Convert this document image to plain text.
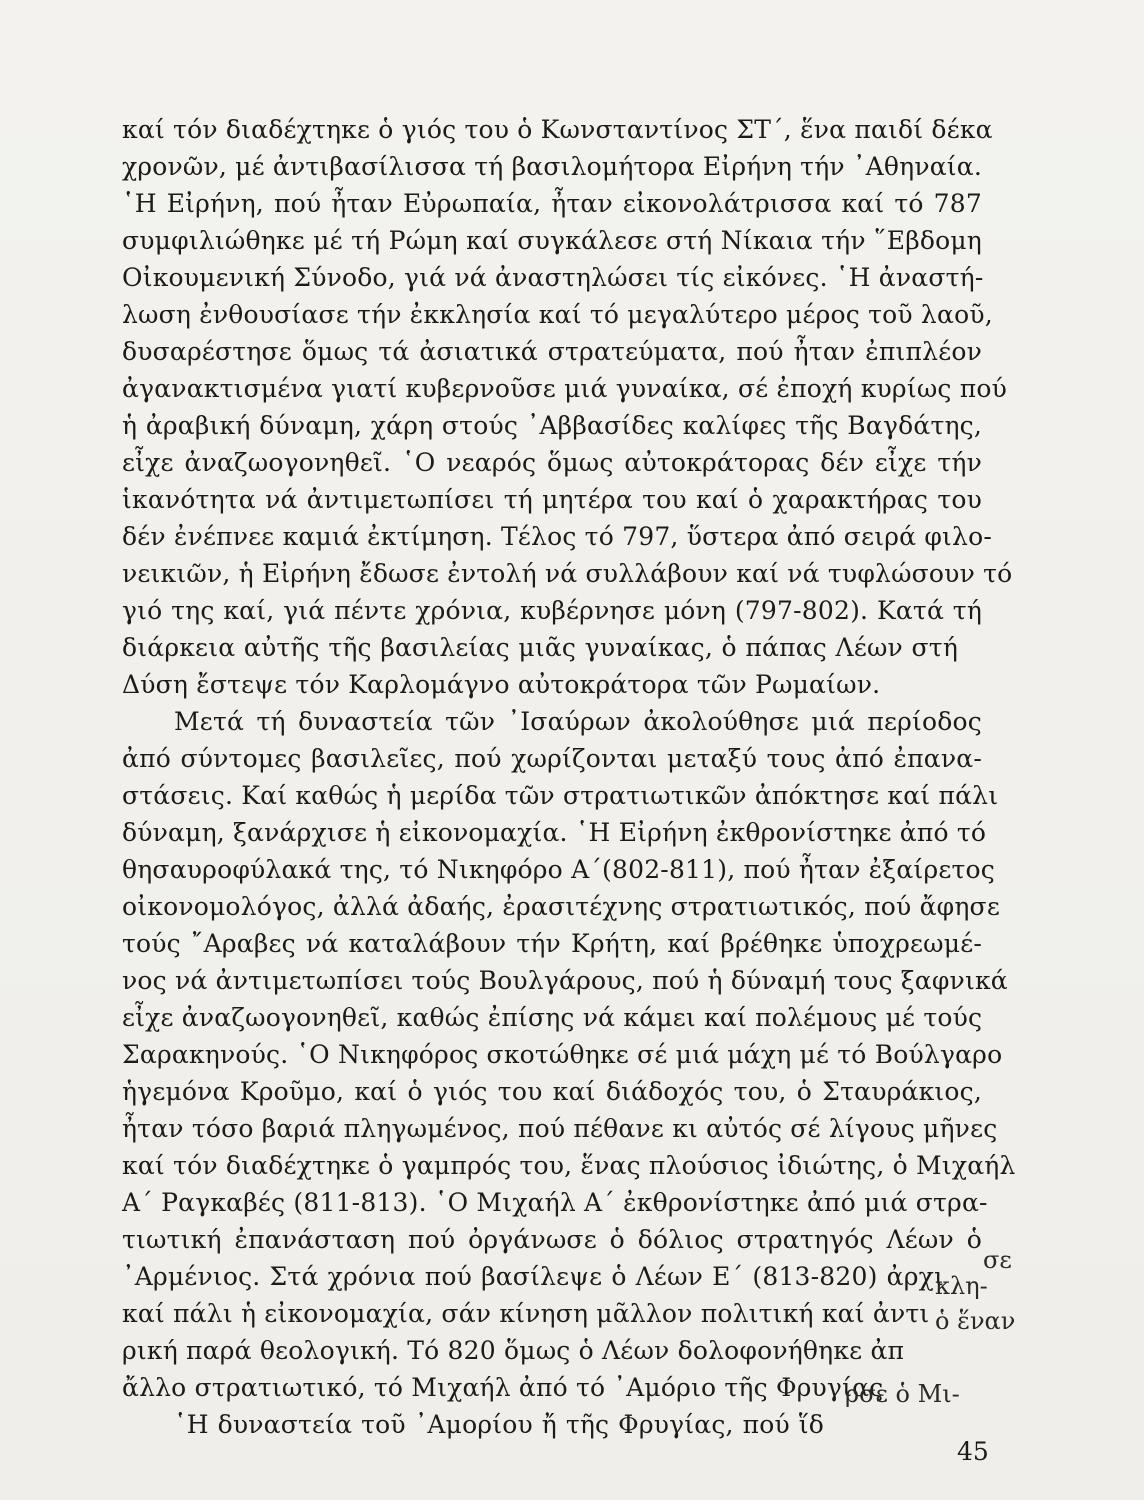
καί τόν διαδέχτηκε ὁ γιός του ὁ Κωνσταντίνος ΣΤ΄, ἕνα παιδί δέκα
χρονῶν, μέ ἀντιβασίλισσα τή βασιλομήτορα Εἰρήνη τήν ᾿Αθηναία.
῾Η Εἰρήνη, πού ἦταν Εὐρωπαία, ἦταν εἰκονολάτρισσα καί τό 787
συμφιλιώθηκε μέ τή Ρώμη καί συγκάλεσε στή Νίκαια τήν ῞Εβδομη
Οἰκουμενική Σύνοδο, γιά νά ἀναστηλώσει τίς εἰκόνες. ῾Η ἀναστή-
λωση ἐνθουσίασε τήν ἐκκλησία καί τό μεγαλύτερο μέρος τοῦ λαοῦ,
δυσαρέστησε ὅμως τά ἀσιατικά στρατεύματα, πού ἦταν ἐπιπλέον
ἀγανακτισμένα γιατί κυβερνοῦσε μιά γυναίκα, σέ ἐποχή κυρίως πού
ἡ ἀραβική δύναμη, χάρη στούς ᾿Αββασίδες καλίφες τῆς Βαγδάτης,
εἶχε ἀναζωογονηθεῖ. ῾Ο νεαρός ὅμως αὐτοκράτορας δέν εἶχε τήν
ἱκανότητα νά ἀντιμετωπίσει τή μητέρα του καί ὁ χαρακτήρας του
δέν ἐνέπνεε καμιά ἐκτίμηση. Τέλος τό 797, ὕστερα ἀπό σειρά φιλο-
νεικιῶν, ἡ Εἰρήνη ἔδωσε ἐντολή νά συλλάβουν καί νά τυφλώσουν τό
γιό της καί, γιά πέντε χρόνια, κυβέρνησε μόνη (797-802). Κατά τή
διάρκεια αὐτῆς τῆς βασιλείας μιᾶς γυναίκας, ὁ πάπας Λέων στή
Δύση ἔστεψε τόν Καρλομάγνο αὐτοκράτορα τῶν Ρωμαίων.
Μετά τή δυναστεία τῶν ᾿Ισαύρων ἀκολούθησε μιά περίοδος
ἀπό σύντομες βασιλεῖες, πού χωρίζονται μεταξύ τους ἀπό ἐπανα-
στάσεις. Καί καθώς ἡ μερίδα τῶν στρατιωτικῶν ἀπόκτησε καί πάλι
δύναμη, ξανάρχισε ἡ εἰκονομαχία. ῾Η Εἰρήνη ἐκθρονίστηκε ἀπό τό
θησαυροφύλακά της, τό Νικηφόρο Α΄(802-811), πού ἦταν ἐξαίρετος
οἰκονομολόγος, ἀλλά ἀδαής, ἐρασιτέχνης στρατιωτικός, πού ἄφησε
τούς ῎Αραβες νά καταλάβουν τήν Κρήτη, καί βρέθηκε ὑποχρεωμέ-
νος νά ἀντιμετωπίσει τούς Βουλγάρους, πού ἡ δύναμή τους ξαφνικά
εἶχε ἀναζωογονηθεῖ, καθώς ἐπίσης νά κάμει καί πολέμους μέ τούς
Σαρακηνούς. ῾Ο Νικηφόρος σκοτώθηκε σέ μιά μάχη μέ τό Βούλγαρο
ἡγεμόνα Κροῦμο, καί ὁ γιός του καί διάδοχός του, ὁ Σταυράκιος,
ἦταν τόσο βαριά πληγωμένος, πού πέθανε κι αὐτός σέ λίγους μῆνες
καί τόν διαδέχτηκε ὁ γαμπρός του, ἕνας πλούσιος ἰδιώτης, ὁ Μιχαήλ
Α΄ Ραγκαβές (811-813). ῾Ο Μιχαήλ Α΄ ἐκθρονίστηκε ἀπό μιά στρα-
τιωτική ἐπανάσταση πού ὀργάνωσε ὁ δόλιος στρατηγός Λέων ὁ
᾿Αρμένιος. Στά χρόνια πού βασίλεψε ὁ Λέων Ε΄ (813-820) ἀρχι
καί πάλι ἡ εἰκονομαχία, σάν κίνηση μᾶλλον πολιτική καί ἀντι
ρική παρά θεολογική. Τό 820 ὅμως ὁ Λέων δολοφονήθηκε ἀπ
ἄλλο στρατιωτικό, τό Μιχαήλ ἀπό τό ᾿Αμόριο τῆς Φρυγίας
῾Η δυναστεία τοῦ ᾿Αμορίου ἤ τῆς Φρυγίας, πού ἵδ
σε
κλη-
ὁ ἕναν
ρσε ὁ Μι-
45
